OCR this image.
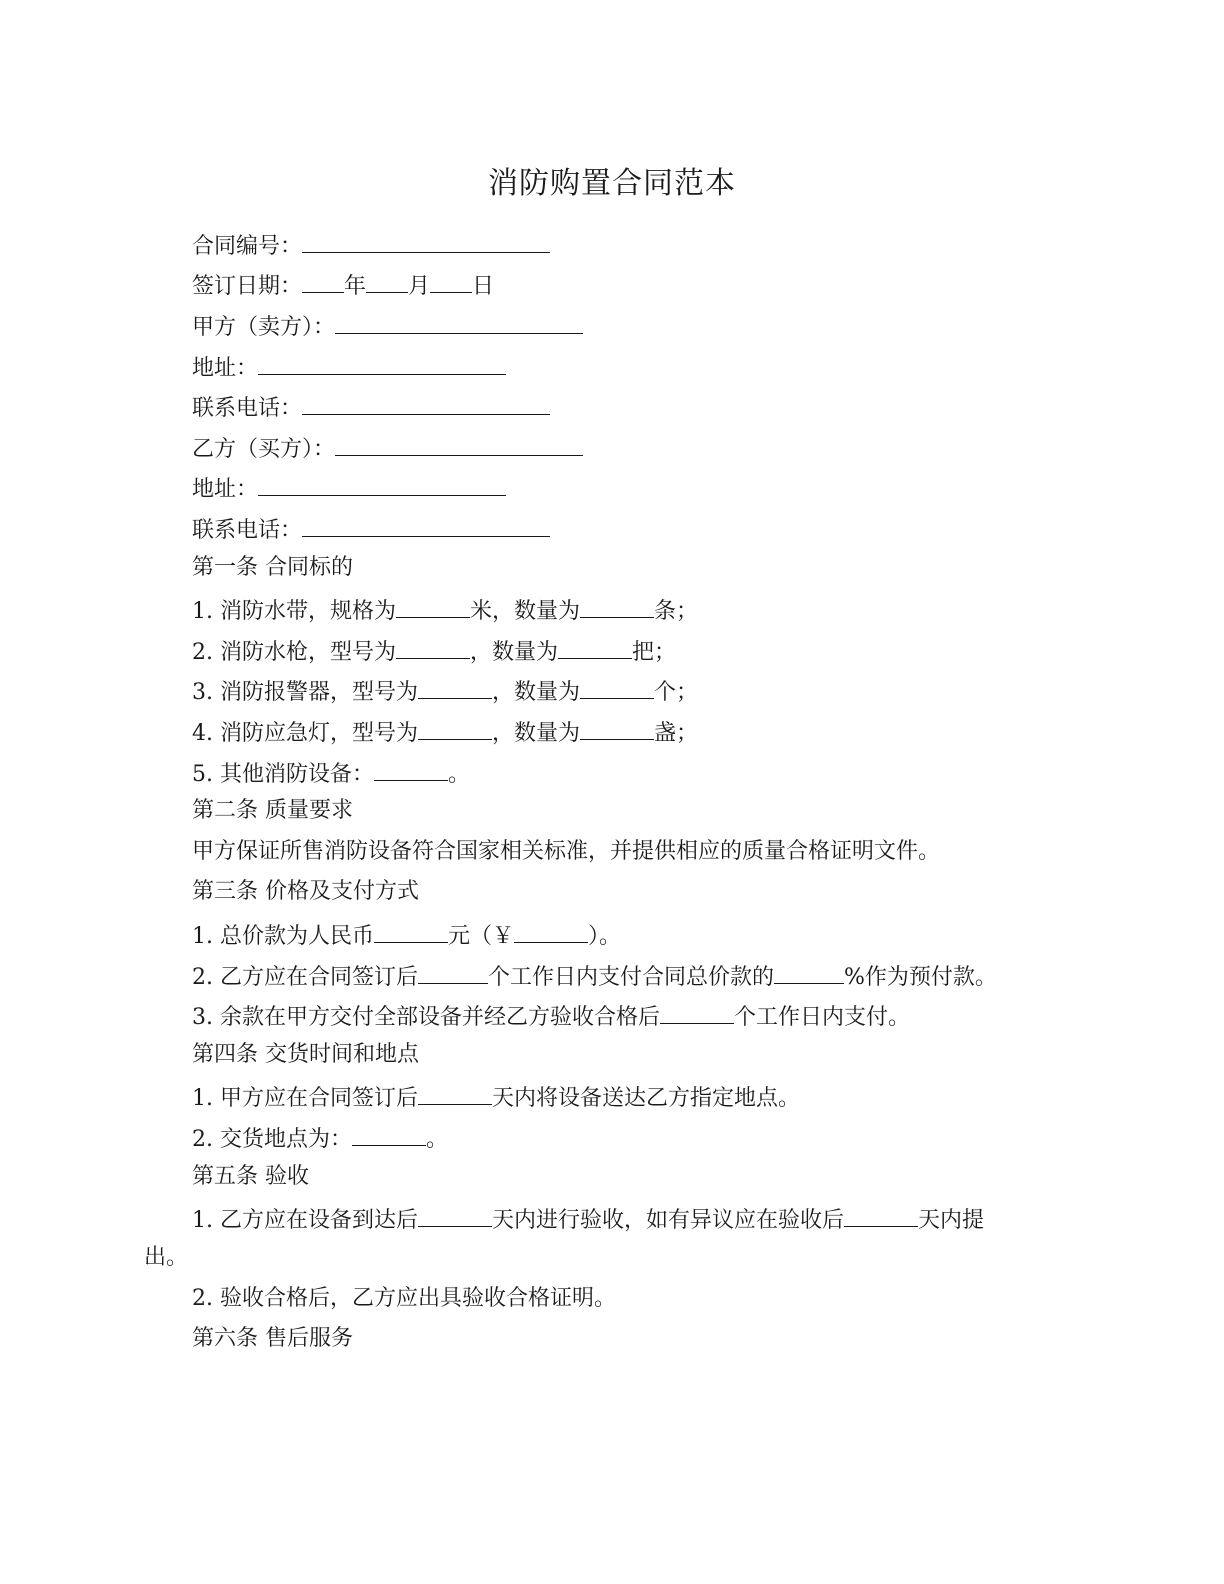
消防购置合同范本
合同编号：
签订日期： 年 月 日
甲方（卖方）：
地址：
联系电话：
乙方（买方）：
地址：
联系电话：
第一条 合同标的
1. 消防水带，规格为	米，数量为	条；
2. 消防水枪，型号为	，数量为	把；
3. 消防报警器，型号为	，数量为	个；
4. 消防应急灯，型号为	，数量为	盏；
5. 其他消防设备：	。
第二条 质量要求
甲方保证所售消防设备符合国家相关标准，并提供相应的质量合格证明文件。
第三条 价格及支付方式
1. 总价款为人民币	元（￥	）。
2. 乙方应在合同签订后	个工作日内支付合同总价款的	%作为预付款。
3. 余款在甲方交付全部设备并经乙方验收合格后	个工作日内支付。
第四条 交货时间和地点
1. 甲方应在合同签订后	天内将设备送达乙方指定地点。
2. 交货地点为：	。
第五条 验收
1. 乙方应在设备到达后	天内进行验收，如有异议应在验收后	天内提
出。
2. 验收合格后，乙方应出具验收合格证明。
第六条 售后服务
